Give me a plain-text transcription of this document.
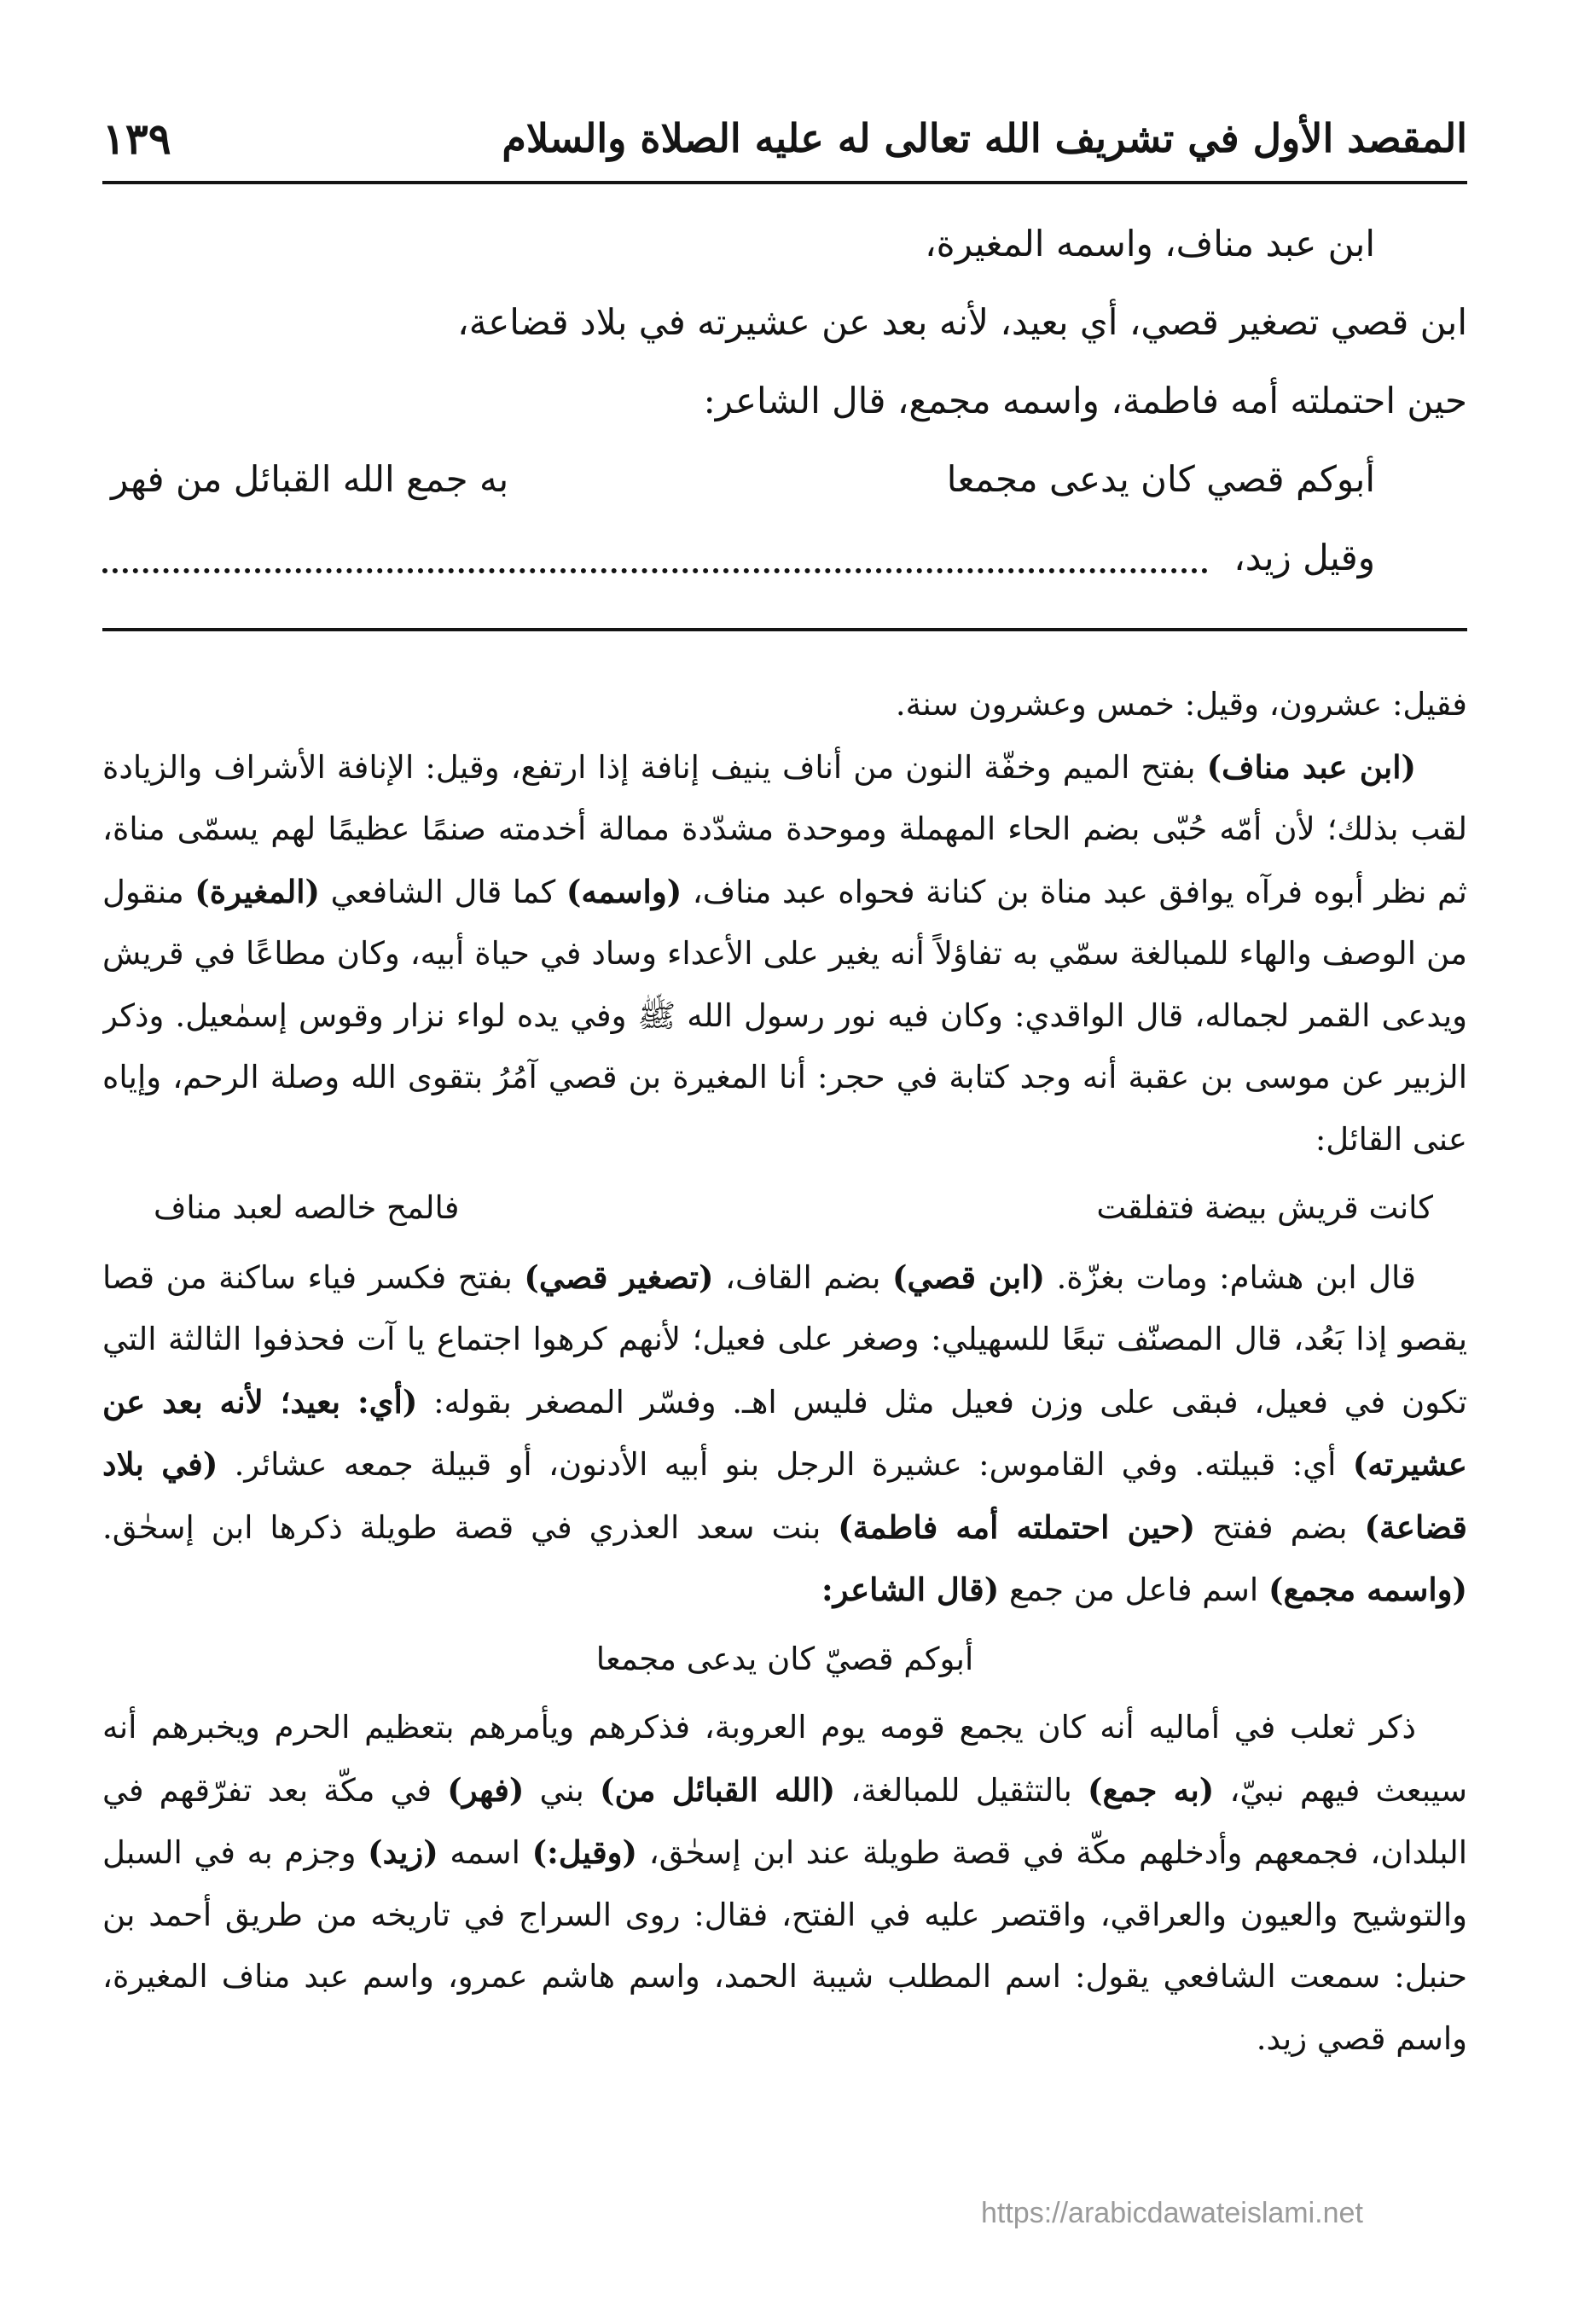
المقصد الأول في تشريف الله تعالى له عليه الصلاة والسلام
١٣٩

ابن عبد مناف، واسمه المغيرة،

ابن قصي تصغير قصي، أي بعيد، لأنه بعد عن عشيرته في بلاد قضاعة،

حين احتملته أمه فاطمة، واسمه مجمع، قال الشاعر:

أبوكم قصي كان يدعى مجمعا
به جمع الله القبائل من فهر
وقيل زيد،

فقيل: عشرون، وقيل: خمس وعشرون سنة.

(ابن عبد مناف) بفتح الميم وخفّة النون من أناف ينيف إنافة إذا ارتفع، وقيل: الإنافة الأشراف والزيادة لقب بذلك؛ لأن أمّه حُبّى بضم الحاء المهملة وموحدة مشدّدة ممالة أخدمته صنمًا عظيمًا لهم يسمّى مناة، ثم نظر أبوه فرآه يوافق عبد مناة بن كنانة فحواه عبد مناف، (واسمه) كما قال الشافعي (المغيرة) منقول من الوصف والهاء للمبالغة سمّي به تفاؤلاً أنه يغير على الأعداء وساد في حياة أبيه، وكان مطاعًا في قريش ويدعى القمر لجماله، قال الواقدي: وكان فيه نور رسول الله ﷺ وفي يده لواء نزار وقوس إسمٰعيل. وذكر الزبير عن موسى بن عقبة أنه وجد كتابة في حجر: أنا المغيرة بن قصي آمُرُ بتقوى الله وصلة الرحم، وإياه عنى القائل:

كانت قريش بيضة فتفلقت
فالمح خالصه لعبد مناف

قال ابن هشام: ومات بغزّة. (ابن قصي) بضم القاف، (تصغير قصي) بفتح فكسر فياء ساكنة من قصا يقصو إذا بَعُد، قال المصنّف تبعًا للسهيلي: وصغر على فعيل؛ لأنهم كرهوا اجتماع يا آت فحذفوا الثالثة التي تكون في فعيل، فبقى على وزن فعيل مثل فليس اهـ. وفسّر المصغر بقوله: (أي: بعيد؛ لأنه بعد عن عشيرته) أي: قبيلته. وفي القاموس: عشيرة الرجل بنو أبيه الأدنون، أو قبيلة جمعه عشائر. (في بلاد قضاعة) بضم ففتح (حين احتملته أمه فاطمة) بنت سعد العذري في قصة طويلة ذكرها ابن إسحٰق. (واسمه مجمع) اسم فاعل من جمع (قال الشاعر:

أبوكم قصيّ كان يدعى مجمعا

ذكر ثعلب في أماليه أنه كان يجمع قومه يوم العروبة، فذكرهم ويأمرهم بتعظيم الحرم ويخبرهم أنه سيبعث فيهم نبيّ، (به جمع) بالتثقيل للمبالغة، (الله القبائل من) بني (فهر) في مكّة بعد تفرّقهم في البلدان، فجمعهم وأدخلهم مكّة في قصة طويلة عند ابن إسحٰق، (وقيل:) اسمه (زيد) وجزم به في السبل والتوشيح والعيون والعراقي، واقتصر عليه في الفتح، فقال: روى السراج في تاريخه من طريق أحمد بن حنبل: سمعت الشافعي يقول: اسم المطلب شيبة الحمد، واسم هاشم عمرو، واسم عبد مناف المغيرة، واسم قصي زيد.

https://arabicdawateislami.net
